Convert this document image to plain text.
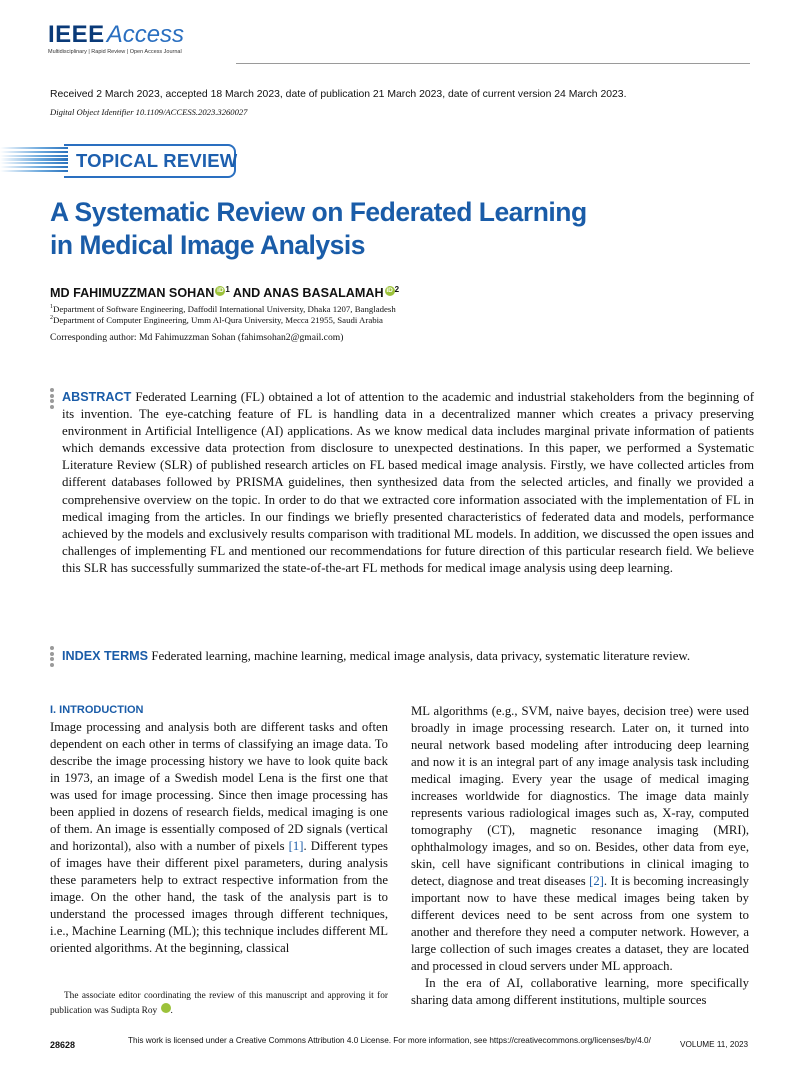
IEEEAccess
Multidisciplinary | Rapid Review | Open Access Journal
Received 2 March 2023, accepted 18 March 2023, date of publication 21 March 2023, date of current version 24 March 2023.
Digital Object Identifier 10.1109/ACCESS.2023.3260027
TOPICAL REVIEW
A Systematic Review on Federated Learning
in Medical Image Analysis
MD FAHIMUZZMAN SOHAN iD $^1$ AND ANAS BASALAMAH iD $^2$
$^1$Department of Software Engineering, Daffodil International University, Dhaka 1207, Bangladesh
$^2$Department of Computer Engineering, Umm Al-Qura University, Mecca 21955, Saudi Arabia
Corresponding author: Md Fahimuzzman Sohan (fahimsohan2@gmail.com)
ABSTRACT Federated Learning (FL) obtained a lot of attention to the academic and industrial stakeholders from the beginning of its invention. The eye-catching feature of FL is handling data in a decentralized manner which creates a privacy preserving environment in Artificial Intelligence (AI) applications. As we know medical data includes marginal private information of patients which demands excessive data protection from disclosure to unexpected destinations. In this paper, we performed a Systematic Literature Review (SLR) of published research articles on FL based medical image analysis. Firstly, we have collected articles from different databases followed by PRISMA guidelines, then synthesized data from the selected articles, and finally we provided a comprehensive overview on the topic. In order to do that we extracted core information associated with the implementation of FL in medical imaging from the articles. In our findings we briefly presented characteristics of federated data and models, performance achieved by the models and exclusively results comparison with traditional ML models. In addition, we discussed the open issues and challenges of implementing FL and mentioned our recommendations for future direction of this particular research field. We believe this SLR has successfully summarized the state-of-the-art FL methods for medical image analysis using deep learning.
INDEX TERMS Federated learning, machine learning, medical image analysis, data privacy, systematic literature review.
I. INTRODUCTION

Image processing and analysis both are different tasks and often dependent on each other in terms of classifying an image data. To describe the image processing history we have to look quite back in 1973, an image of a Swedish model Lena is the first one that was used for image processing. Since then image processing has been applied in dozens of research fields, medical imaging is one of them. An image is essentially composed of 2D signals (vertical and horizontal), also with a number of pixels [1]. Different types of images have their different pixel parameters, during analysis these parameters help to extract respective information from the image. On the other hand, the task of the analysis part is to understand the processed images through different techniques, i.e., Machine Learning (ML); this technique includes different ML oriented algorithms. At the beginning, classical

ML algorithms (e.g., SVM, naive bayes, decision tree) were used broadly in image processing research. Later on, it turned into neural network based modeling after introducing deep learning and now it is an integral part of any image analysis task including medical imaging. Every year the usage of medical imaging increases worldwide for diagnostics. The image data mainly represents various radiological images such as, X-ray, computed tomography (CT), magnetic resonance imaging (MRI), ophthalmology images, and so on. Besides, other data from eye, skin, cell have significant contributions in clinical imaging to detect, diagnose and treat diseases [2]. It is becoming increasingly important now to have these medical images being taken by different devices need to be sent across from one system to another and therefore they need a computer network. However, a large collection of such images creates a dataset, they are located and processed in cloud servers under ML approach.

In the era of AI, collaborative learning, more specifically sharing data among different institutions, multiple sources

The associate editor coordinating the review of this manuscript and approving it for publication was Sudipta Roy	iD.

28628	This work is licensed under a Creative Commons Attribution 4.0 License. For more information, see https://creativecommons.org/licenses/by/4.0/	VOLUME 11, 2023
